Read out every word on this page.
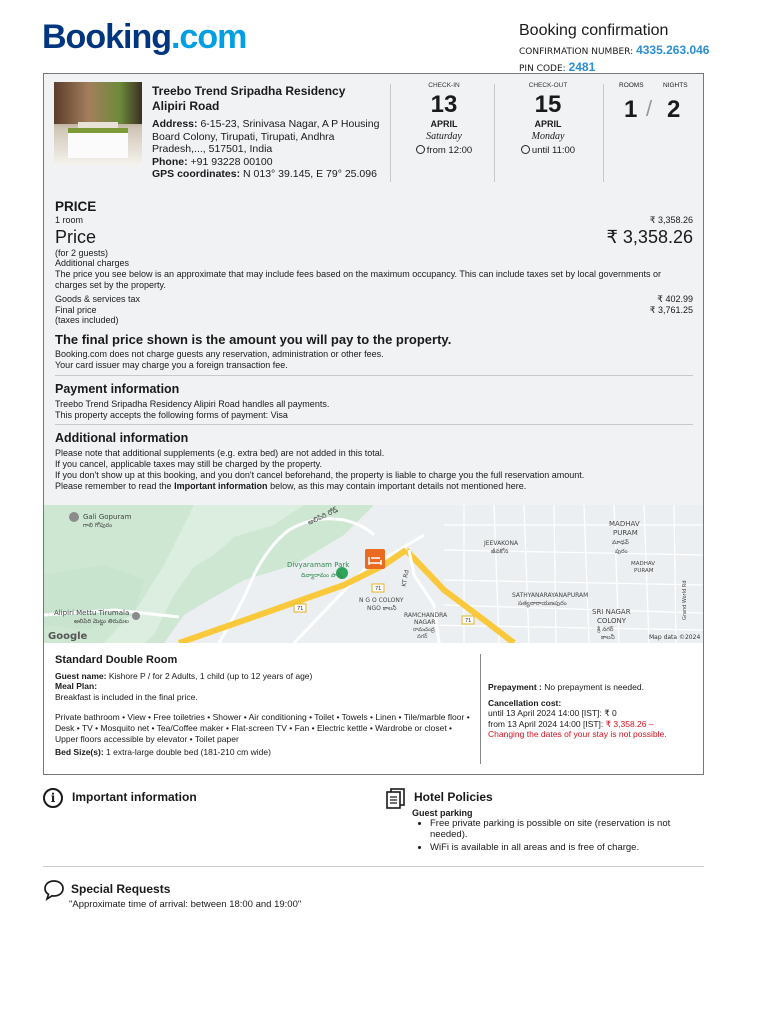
Booking.com	Booking confirmation
CONFIRMATION NUMBER: 4335.263.046
PIN CODE: 2481
Treebo Trend Sripadha Residency
Alipiri Road
Address: 6-15-23, Srinivasa Nagar, A P Housing Board Colony, Tirupati, Tirupati, Andhra Pradesh,..., 517501, India
Phone: +91 93228 00100
GPS coordinates: N 013° 39.145, E 79° 25.096
CHECK-IN
13
APRIL
Saturday
from 12:00
CHECK-OUT
15
APRIL
Monday
until 11:00
ROOMS	NIGHTS
1 / 2
PRICE
1 room	₹ 3,358.26
Price	₹ 3,358.26
(for 2 guests)
Additional charges
The price you see below is an approximate that may include fees based on the maximum occupancy. This can include taxes set by local governments or charges set by the property.
Goods & services tax	₹ 402.99
Final price	₹ 3,761.25
(taxes included)
The final price shown is the amount you will pay to the property.
Booking.com does not charge guests any reservation, administration or other fees.
Your card issuer may charge you a foreign transaction fee.
Payment information
Treebo Trend Sripadha Residency Alipiri Road handles all payments.
This property accepts the following forms of payment: Visa
Additional information
Please note that additional supplements (e.g. extra bed) are not added in this total.
If you cancel, applicable taxes may still be charged by the property.
If you don't show up at this booking, and you don't cancel beforehand, the property is liable to charge you the full reservation amount.
Please remember to read the Important information below, as this may contain important details not mentioned here.
Gali Gopuram
గాలి గోపురం
Alipiri Mettu Tirumala
అలిపిరి మెట్టు తిరుమల
Divyaramam Park
దివ్యారామం పార్క్
JEEVAKONA
జీవకోన
MADHAV
PURAM
మాధవ్
పురం
MADHAV
PURAM
SATHYANARAYANAPURAM
సత్యనారాయణపురం
SRI NAGAR
COLONY
శ్రీ నగర్
కాలనీ
N G O COLONY
NGO కాలనీ
RAMCHANDRA
NAGAR
రామచంద్ర
నగర్
KT Rd
అలిపిరి రోడ్
Grand World Rd
71
71
71
Google	Map data ©2024
Standard Double Room
Guest name: Kishore P / for 2 Adults, 1 child (up to 12 years of age)
Meal Plan:
Breakfast is included in the final price.
Private bathroom • View • Free toiletries • Shower • Air conditioning • Toilet • Towels • Linen • Tile/marble floor • Desk • TV • Mosquito net • Tea/Coffee maker • Flat-screen TV • Fan • Electric kettle • Wardrobe or closet • Upper floors accessible by elevator • Toilet paper
Bed Size(s): 1 extra-large double bed (181-210 cm wide)
Prepayment : No prepayment is needed.
Cancellation cost:
until 13 April 2024 14:00 [IST]: ₹ 0
from 13 April 2024 14:00 [IST]: ₹ 3,358.26 –
Changing the dates of your stay is not possible.
i	Important information	Hotel Policies
Guest parking
• Free private parking is possible on site (reservation is not needed).
• WiFi is available in all areas and is free of charge.
Special Requests
"Approximate time of arrival: between 18:00 and 19:00"
